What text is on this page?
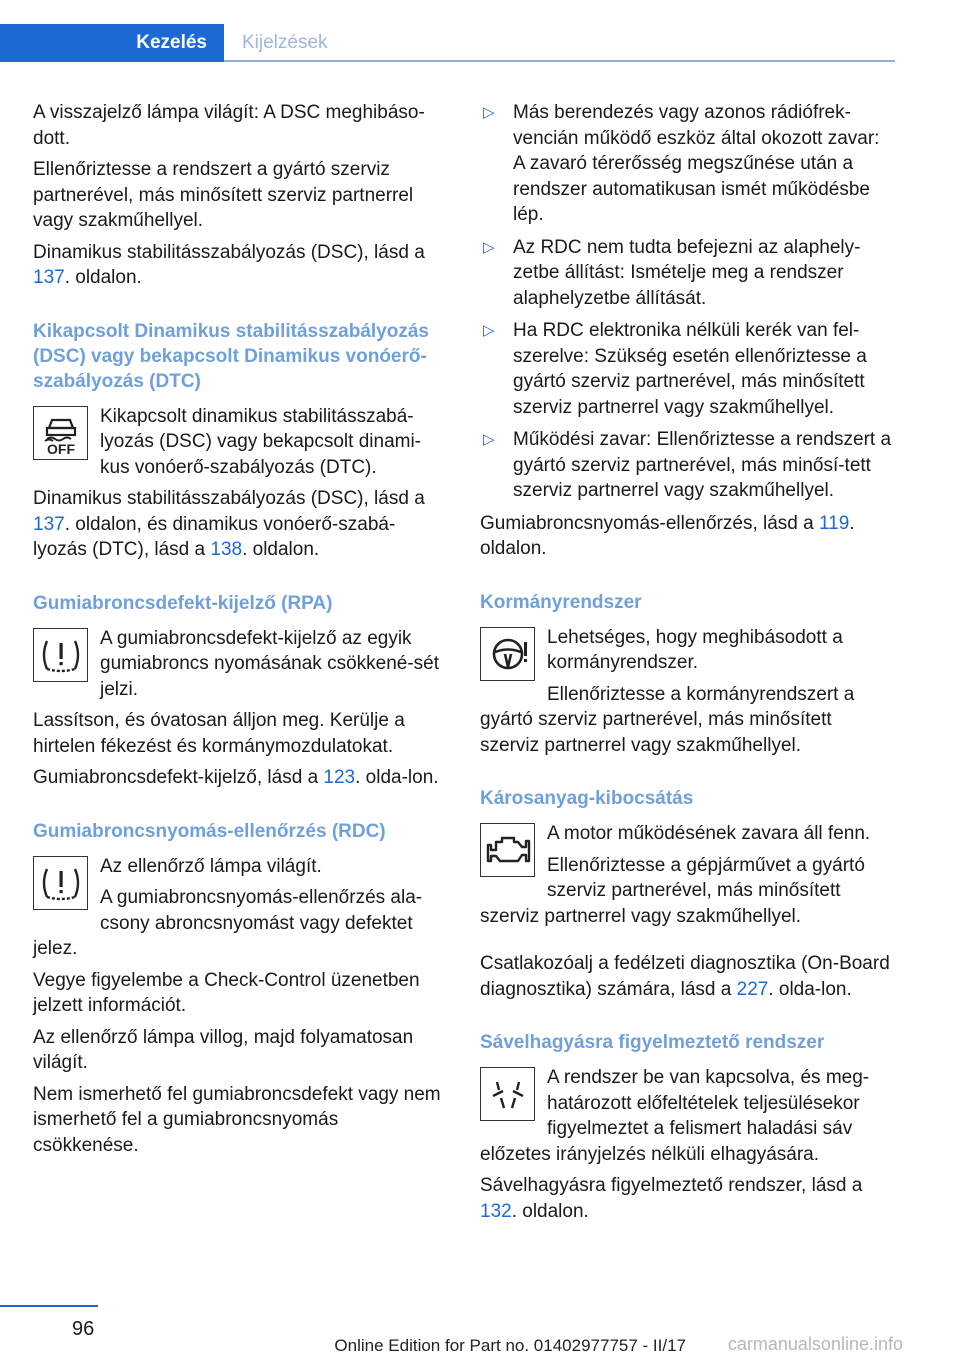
Kezelés	Kijelzések

A visszajelző lámpa világít: A DSC meghibáso-dott.

Ellenőriztesse a rendszert a gyártó szerviz partnerével, más minősített szerviz partnerrel vagy szakműhellyel.

Dinamikus stabilitásszabályozás (DSC), lásd a 137. oldalon.

Kikapcsolt Dinamikus stabilitásszabályozás (DSC) vagy bekapcsolt Dinamikus vonóerő-szabályozás (DTC)
OFF

Kikapcsolt dinamikus stabilitásszabá-lyozás (DSC) vagy bekapcsolt dinami-kus vonóerő-szabályozás (DTC).

Dinamikus stabilitásszabályozás (DSC), lásd a 137. oldalon, és dinamikus vonóerő-szabá-lyozás (DTC), lásd a 138. oldalon.

Gumiabroncsdefekt-kijelző (RPA)

A gumiabroncsdefekt-kijelző az egyik gumiabroncs nyomásának csökkené-sét jelzi.

Lassítson, és óvatosan álljon meg. Kerülje a hirtelen fékezést és kormánymozdulatokat.

Gumiabroncsdefekt-kijelző, lásd a 123. olda-lon.

Gumiabroncsnyomás-ellenőrzés (RDC)

Az ellenőrző lámpa világít.

A gumiabroncsnyomás-ellenőrzés ala-csony abroncsnyomást vagy defektet jelez.

Vegye figyelembe a Check-Control üzenetben jelzett információt.

Az ellenőrző lámpa villog, majd folyamatosan világít.

Nem ismerhető fel gumiabroncsdefekt vagy nem ismerhető fel a gumiabroncsnyomás csökkenése.

▷ Más berendezés vagy azonos rádiófrek-vencián működő eszköz által okozott zavar: A zavaró térerősség megszűnése után a rendszer automatikusan ismét működésbe lép.
▷ Az RDC nem tudta befejezni az alaphely-zetbe állítást: Ismételje meg a rendszer alaphelyzetbe állítását.
▷ Ha RDC elektronika nélküli kerék van fel-szerelve: Szükség esetén ellenőriztesse a gyártó szerviz partnerével, más minősített szerviz partnerrel vagy szakműhellyel.
▷ Működési zavar: Ellenőriztesse a rendszert a gyártó szerviz partnerével, más minősí-tett szerviz partnerrel vagy szakműhellyel.

Gumiabroncsnyomás-ellenőrzés, lásd a 119. oldalon.

Kormányrendszer

Lehetséges, hogy meghibásodott a kormányrendszer.

Ellenőriztesse a kormányrendszert a gyártó szerviz partnerével, más minősített szerviz partnerrel vagy szakműhellyel.

Károsanyag-kibocsátás

A motor működésének zavara áll fenn.

Ellenőriztesse a gépjárművet a gyártó szerviz partnerével, más minősített szerviz partnerrel vagy szakműhellyel.

Csatlakozóalj a fedélzeti diagnosztika (On-Board diagnosztika) számára, lásd a 227. olda-lon.

Sávelhagyásra figyelmeztető rendszer

A rendszer be van kapcsolva, és meg-határozott előfeltételek teljesülésekor figyelmeztet a felismert haladási sáv előzetes irányjelzés nélküli elhagyására.

Sávelhagyásra figyelmeztető rendszer, lásd a 132. oldalon.

96
Online Edition for Part no. 01402977757 - II/17 carmanualsonline.info
